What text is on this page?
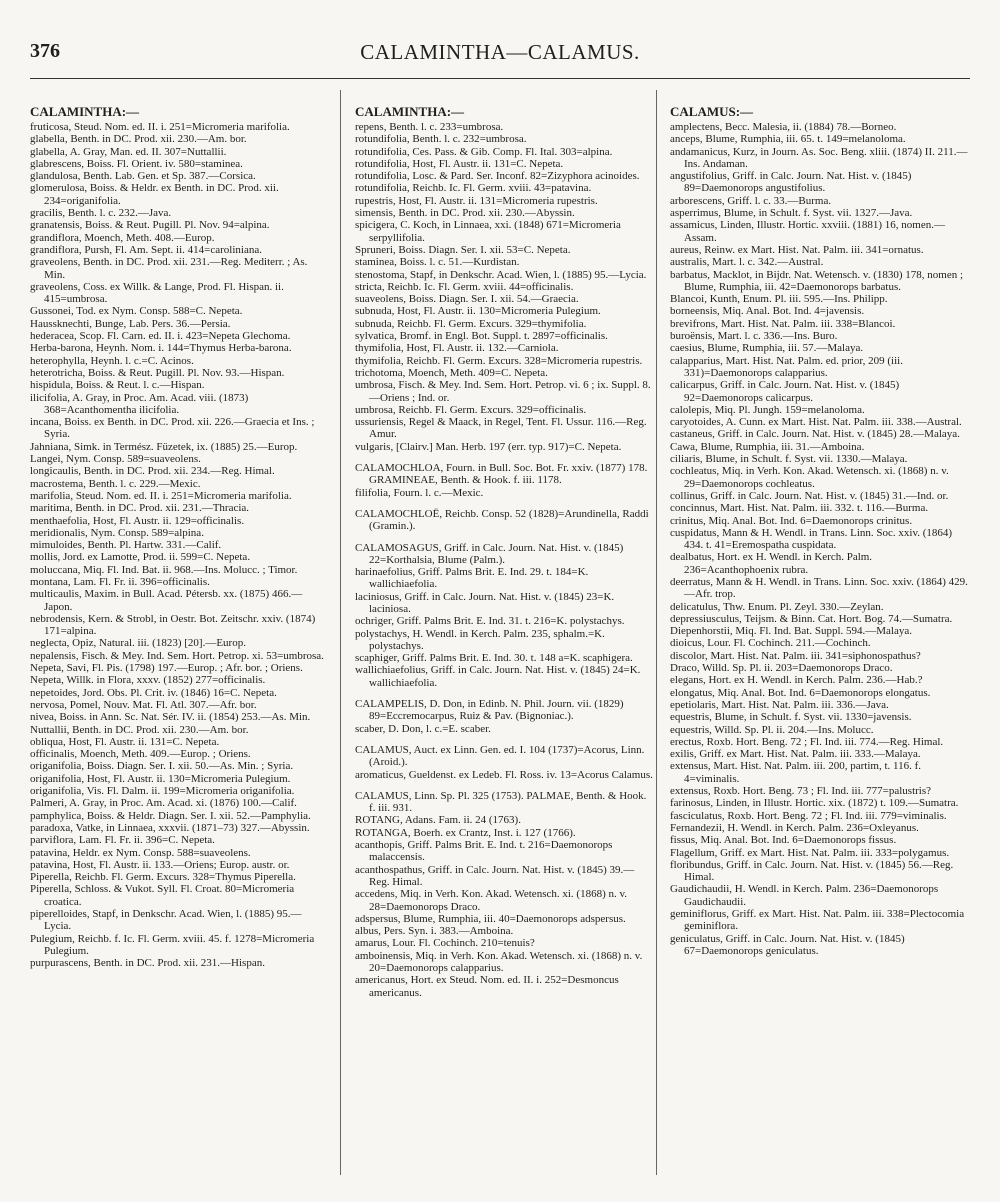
376	CALAMINTHA—CALAMUS.

CALAMINTHA:—

fruticosa, Steud. Nom. ed. II. i. 251=Micromeria marifolia.

glabella, Benth. in DC. Prod. xii. 230.—Am. bor.

glabella, A. Gray, Man. ed. II. 307=Nuttallii.

glabrescens, Boiss. Fl. Orient. iv. 580=staminea.

glandulosa, Benth. Lab. Gen. et Sp. 387.—Corsica.

glomerulosa, Boiss. & Heldr. ex Benth. in DC. Prod. xii. 234=origanifolia.

gracilis, Benth. l. c. 232.—Java.

granatensis, Boiss. & Reut. Pugill. Pl. Nov. 94=alpina.

grandiflora, Moench, Meth. 408.—Europ.

grandiflora, Pursh, Fl. Am. Sept. ii. 414=caroliniana.

graveolens, Benth. in DC. Prod. xii. 231.—Reg. Mediterr. ; As. Min.

graveolens, Coss. ex Willk. & Lange, Prod. Fl. Hispan. ii. 415=umbrosa.

Gussonei, Tod. ex Nym. Consp. 588=C. Nepeta.

Haussknechti, Bunge, Lab. Pers. 36.—Persia.

hederacea, Scop. Fl. Carn. ed. II. i. 423=Nepeta Glechoma.

Herba-barona, Heynh. Nom. i. 144=Thymus Herba-barona.

heterophylla, Heynh. l. c.=C. Acinos.

heterotricha, Boiss. & Reut. Pugill. Pl. Nov. 93.—Hispan.

hispidula, Boiss. & Reut. l. c.—Hispan.

ilicifolia, A. Gray, in Proc. Am. Acad. viii. (1873) 368=Acanthomentha ilicifolia.

incana, Boiss. ex Benth. in DC. Prod. xii. 226.—Graecia et Ins. ; Syria.

Jahniana, Simk. in Termész. Füzetek, ix. (1885) 25.—Europ.

Langei, Nym. Consp. 589=suaveolens.

longicaulis, Benth. in DC. Prod. xii. 234.—Reg. Himal.

macrostema, Benth. l. c. 229.—Mexic.

marifolia, Steud. Nom. ed. II. i. 251=Micromeria marifolia.

maritima, Benth. in DC. Prod. xii. 231.—Thracia.

menthaefolia, Host, Fl. Austr. ii. 129=officinalis.

meridionalis, Nym. Consp. 589=alpina.

mimuloides, Benth. Pl. Hartw. 331.—Calif.

mollis, Jord. ex Lamotte, Prod. ii. 599=C. Nepeta.

moluccana, Miq. Fl. Ind. Bat. ii. 968.—Ins. Molucc. ; Timor.

montana, Lam. Fl. Fr. ii. 396=officinalis.

multicaulis, Maxim. in Bull. Acad. Pétersb. xx. (1875) 466.—Japon.

nebrodensis, Kern. & Strobl, in Oestr. Bot. Zeitschr. xxiv. (1874) 171=alpina.

neglecta, Opiz, Natural. iii. (1823) [20].—Europ.

nepalensis, Fisch. & Mey. Ind. Sem. Hort. Petrop. xi. 53=umbrosa.

Nepeta, Savi, Fl. Pis. (1798) 197.—Europ. ; Afr. bor. ; Oriens.

Nepeta, Willk. in Flora, xxxv. (1852) 277=officinalis.

nepetoides, Jord. Obs. Pl. Crit. iv. (1846) 16=C. Nepeta.

nervosa, Pomel, Nouv. Mat. Fl. Atl. 307.—Afr. bor.

nivea, Boiss. in Ann. Sc. Nat. Sér. IV. ii. (1854) 253.—As. Min.

Nuttallii, Benth. in DC. Prod. xii. 230.—Am. bor.

obliqua, Host, Fl. Austr. ii. 131=C. Nepeta.

officinalis, Moench, Meth. 409.—Europ. ; Oriens.

origanifolia, Boiss. Diagn. Ser. I. xii. 50.—As. Min. ; Syria.

origanifolia, Host, Fl. Austr. ii. 130=Micromeria Pulegium.

origanifolia, Vis. Fl. Dalm. ii. 199=Micromeria origanifolia.

Palmeri, A. Gray, in Proc. Am. Acad. xi. (1876) 100.—Calif.

pamphylica, Boiss. & Heldr. Diagn. Ser. I. xii. 52.—Pamphylia.

paradoxa, Vatke, in Linnaea, xxxvii. (1871–73) 327.—Abyssin.

parviflora, Lam. Fl. Fr. ii. 396=C. Nepeta.

patavina, Heldr. ex Nym. Consp. 588=suaveolens.

patavina, Host, Fl. Austr. ii. 133.—Oriens; Europ. austr. or.

Piperella, Reichb. Fl. Germ. Excurs. 328=Thymus Piperella.

Piperella, Schloss. & Vukot. Syll. Fl. Croat. 80=Micromeria croatica.

piperelloides, Stapf, in Denkschr. Acad. Wien, l. (1885) 95.—Lycia.

Pulegium, Reichb. f. Ic. Fl. Germ. xviii. 45. f. 1278=Micromeria Pulegium.

purpurascens, Benth. in DC. Prod. xii. 231.—Hispan.

CALAMINTHA:—

repens, Benth. l. c. 233=umbrosa.

rotundifolia, Benth. l. c. 232=umbrosa.

rotundifolia, Ces. Pass. & Gib. Comp. Fl. Ital. 303=alpina.

rotundifolia, Host, Fl. Austr. ii. 131=C. Nepeta.

rotundifolia, Losc. & Pard. Ser. Inconf. 82=Zizyphora acinoides.

rotundifolia, Reichb. Ic. Fl. Germ. xviii. 43=patavina.

rupestris, Host, Fl. Austr. ii. 131=Micromeria rupestris.

simensis, Benth. in DC. Prod. xii. 230.—Abyssin.

spicigera, C. Koch, in Linnaea, xxi. (1848) 671=Micromeria serpyllifolia.

Spruneri, Boiss. Diagn. Ser. I. xii. 53=C. Nepeta.

staminea, Boiss. l. c. 51.—Kurdistan.

stenostoma, Stapf, in Denkschr. Acad. Wien, l. (1885) 95.—Lycia.

stricta, Reichb. Ic. Fl. Germ. xviii. 44=officinalis.

suaveolens, Boiss. Diagn. Ser. I. xii. 54.—Graecia.

subnuda, Host, Fl. Austr. ii. 130=Micromeria Pulegium.

subnuda, Reichb. Fl. Germ. Excurs. 329=thymifolia.

sylvatica, Bromf. in Engl. Bot. Suppl. t. 2897=officinalis.

thymifolia, Host, Fl. Austr. ii. 132.—Carniola.

thymifolia, Reichb. Fl. Germ. Excurs. 328=Micromeria rupestris.

trichotoma, Moench, Meth. 409=C. Nepeta.

umbrosa, Fisch. & Mey. Ind. Sem. Hort. Petrop. vi. 6 ; ix. Suppl. 8.—Oriens ; Ind. or.

umbrosa, Reichb. Fl. Germ. Excurs. 329=officinalis.

ussuriensis, Regel & Maack, in Regel, Tent. Fl. Ussur. 116.—Reg. Amur.

vulgaris, [Clairv.] Man. Herb. 197 (err. typ. 917)=C. Nepeta.

CALAMOCHLOA, Fourn. in Bull. Soc. Bot. Fr. xxiv. (1877) 178. GRAMINEAE, Benth. & Hook. f. iii. 1178.

filifolia, Fourn. l. c.—Mexic.

CALAMOCHLOË, Reichb. Consp. 52 (1828)=Arundinella, Raddi (Gramin.).

CALAMOSAGUS, Griff. in Calc. Journ. Nat. Hist. v. (1845) 22=Korthalsia, Blume (Palm.).

harinaefolius, Griff. Palms Brit. E. Ind. 29. t. 184=K. wallichiaefolia.

laciniosus, Griff. in Calc. Journ. Nat. Hist. v. (1845) 23=K. laciniosa.

ochriger, Griff. Palms Brit. E. Ind. 31. t. 216=K. polystachys.

polystachys, H. Wendl. in Kerch. Palm. 235, sphalm.=K. polystachys.

scaphiger, Griff. Palms Brit. E. Ind. 30. t. 148 a=K. scaphigera.

wallichiaefolius, Griff. in Calc. Journ. Nat. Hist. v. (1845) 24=K. wallichiaefolia.

CALAMPELIS, D. Don, in Edinb. N. Phil. Journ. vii. (1829) 89=Eccremocarpus, Ruiz & Pav. (Bignoniac.).

scaber, D. Don, l. c.=E. scaber.

CALAMUS, Auct. ex Linn. Gen. ed. I. 104 (1737)=Acorus, Linn. (Aroid.).

aromaticus, Gueldenst. ex Ledeb. Fl. Ross. iv. 13=Acorus Calamus.

CALAMUS, Linn. Sp. Pl. 325 (1753). PALMAE, Benth. & Hook. f. iii. 931.

ROTANG, Adans. Fam. ii. 24 (1763).

ROTANGA, Boerh. ex Crantz, Inst. i. 127 (1766).

acanthopis, Griff. Palms Brit. E. Ind. t. 216=Daemonorops malaccensis.

acanthospathus, Griff. in Calc. Journ. Nat. Hist. v. (1845) 39.—Reg. Himal.

accedens, Miq. in Verh. Kon. Akad. Wetensch. xi. (1868) n. v. 28=Daemonorops Draco.

adspersus, Blume, Rumphia, iii. 40=Daemonorops adspersus.

albus, Pers. Syn. i. 383.—Amboina.

amarus, Lour. Fl. Cochinch. 210=tenuis?

amboinensis, Miq. in Verh. Kon. Akad. Wetensch. xi. (1868) n. v. 20=Daemonorops calapparius.

americanus, Hort. ex Steud. Nom. ed. II. i. 252=Desmoncus americanus.

CALAMUS:—

amplectens, Becc. Malesia, ii. (1884) 78.—Borneo.

anceps, Blume, Rumphia, iii. 65. t. 149=melanoloma.

andamanicus, Kurz, in Journ. As. Soc. Beng. xliii. (1874) II. 211.—Ins. Andaman.

angustifolius, Griff. in Calc. Journ. Nat. Hist. v. (1845) 89=Daemonorops angustifolius.

arborescens, Griff. l. c. 33.—Burma.

asperrimus, Blume, in Schult. f. Syst. vii. 1327.—Java.

assamicus, Linden, Illustr. Hortic. xxviii. (1881) 16, nomen.—Assam.

aureus, Reinw. ex Mart. Hist. Nat. Palm. iii. 341=ornatus.

australis, Mart. l. c. 342.—Austral.

barbatus, Macklot, in Bijdr. Nat. Wetensch. v. (1830) 178, nomen ; Blume, Rumphia, iii. 42=Daemonorops barbatus.

Blancoi, Kunth, Enum. Pl. iii. 595.—Ins. Philipp.

borneensis, Miq. Anal. Bot. Ind. 4=javensis.

brevifrons, Mart. Hist. Nat. Palm. iii. 338=Blancoi.

buroënsis, Mart. l. c. 336.—Ins. Buro.

caesius, Blume, Rumphia, iii. 57.—Malaya.

calapparius, Mart. Hist. Nat. Palm. ed. prior, 209 (iii. 331)=Daemonorops calapparius.

calicarpus, Griff. in Calc. Journ. Nat. Hist. v. (1845) 92=Daemonorops calicarpus.

calolepis, Miq. Pl. Jungh. 159=melanoloma.

caryotoides, A. Cunn. ex Mart. Hist. Nat. Palm. iii. 338.—Austral.

castaneus, Griff. in Calc. Journ. Nat. Hist. v. (1845) 28.—Malaya.

Cawa, Blume, Rumphia, iii. 31.—Amboina.

ciliaris, Blume, in Schult. f. Syst. vii. 1330.—Malaya.

cochleatus, Miq. in Verh. Kon. Akad. Wetensch. xi. (1868) n. v. 29=Daemonorops cochleatus.

collinus, Griff. in Calc. Journ. Nat. Hist. v. (1845) 31.—Ind. or.

concinnus, Mart. Hist. Nat. Palm. iii. 332. t. 116.—Burma.

crinitus, Miq. Anal. Bot. Ind. 6=Daemonorops crinitus.

cuspidatus, Mann & H. Wendl. in Trans. Linn. Soc. xxiv. (1864) 434. t. 41=Eremospatha cuspidata.

dealbatus, Hort. ex H. Wendl. in Kerch. Palm. 236=Acanthophoenix rubra.

deerratus, Mann & H. Wendl. in Trans. Linn. Soc. xxiv. (1864) 429.—Afr. trop.

delicatulus, Thw. Enum. Pl. Zeyl. 330.—Zeylan.

depressiusculus, Teijsm. & Binn. Cat. Hort. Bog. 74.—Sumatra.

Diepenhorstii, Miq. Fl. Ind. Bat. Suppl. 594.—Malaya.

dioicus, Lour. Fl. Cochinch. 211.—Cochinch.

discolor, Mart. Hist. Nat. Palm. iii. 341=siphonospathus?

Draco, Willd. Sp. Pl. ii. 203=Daemonorops Draco.

elegans, Hort. ex H. Wendl. in Kerch. Palm. 236.—Hab.?

elongatus, Miq. Anal. Bot. Ind. 6=Daemonorops elongatus.

epetiolaris, Mart. Hist. Nat. Palm. iii. 336.—Java.

equestris, Blume, in Schult. f. Syst. vii. 1330=javensis.

equestris, Willd. Sp. Pl. ii. 204.—Ins. Molucc.

erectus, Roxb. Hort. Beng. 72 ; Fl. Ind. iii. 774.—Reg. Himal.

exilis, Griff. ex Mart. Hist. Nat. Palm. iii. 333.—Malaya.

extensus, Mart. Hist. Nat. Palm. iii. 200, partim, t. 116. f. 4=viminalis.

extensus, Roxb. Hort. Beng. 73 ; Fl. Ind. iii. 777=palustris?

farinosus, Linden, in Illustr. Hortic. xix. (1872) t. 109.—Sumatra.

fasciculatus, Roxb. Hort. Beng. 72 ; Fl. Ind. iii. 779=viminalis.

Fernandezii, H. Wendl. in Kerch. Palm. 236=Oxleyanus.

fissus, Miq. Anal. Bot. Ind. 6=Daemonorops fissus.

Flagellum, Griff. ex Mart. Hist. Nat. Palm. iii. 333=polygamus.

floribundus, Griff. in Calc. Journ. Nat. Hist. v. (1845) 56.—Reg. Himal.

Gaudichaudii, H. Wendl. in Kerch. Palm. 236=Daemonorops Gaudichaudii.

geminiflorus, Griff. ex Mart. Hist. Nat. Palm. iii. 338=Plectocomia geminiflora.

geniculatus, Griff. in Calc. Journ. Nat. Hist. v. (1845) 67=Daemonorops geniculatus.
